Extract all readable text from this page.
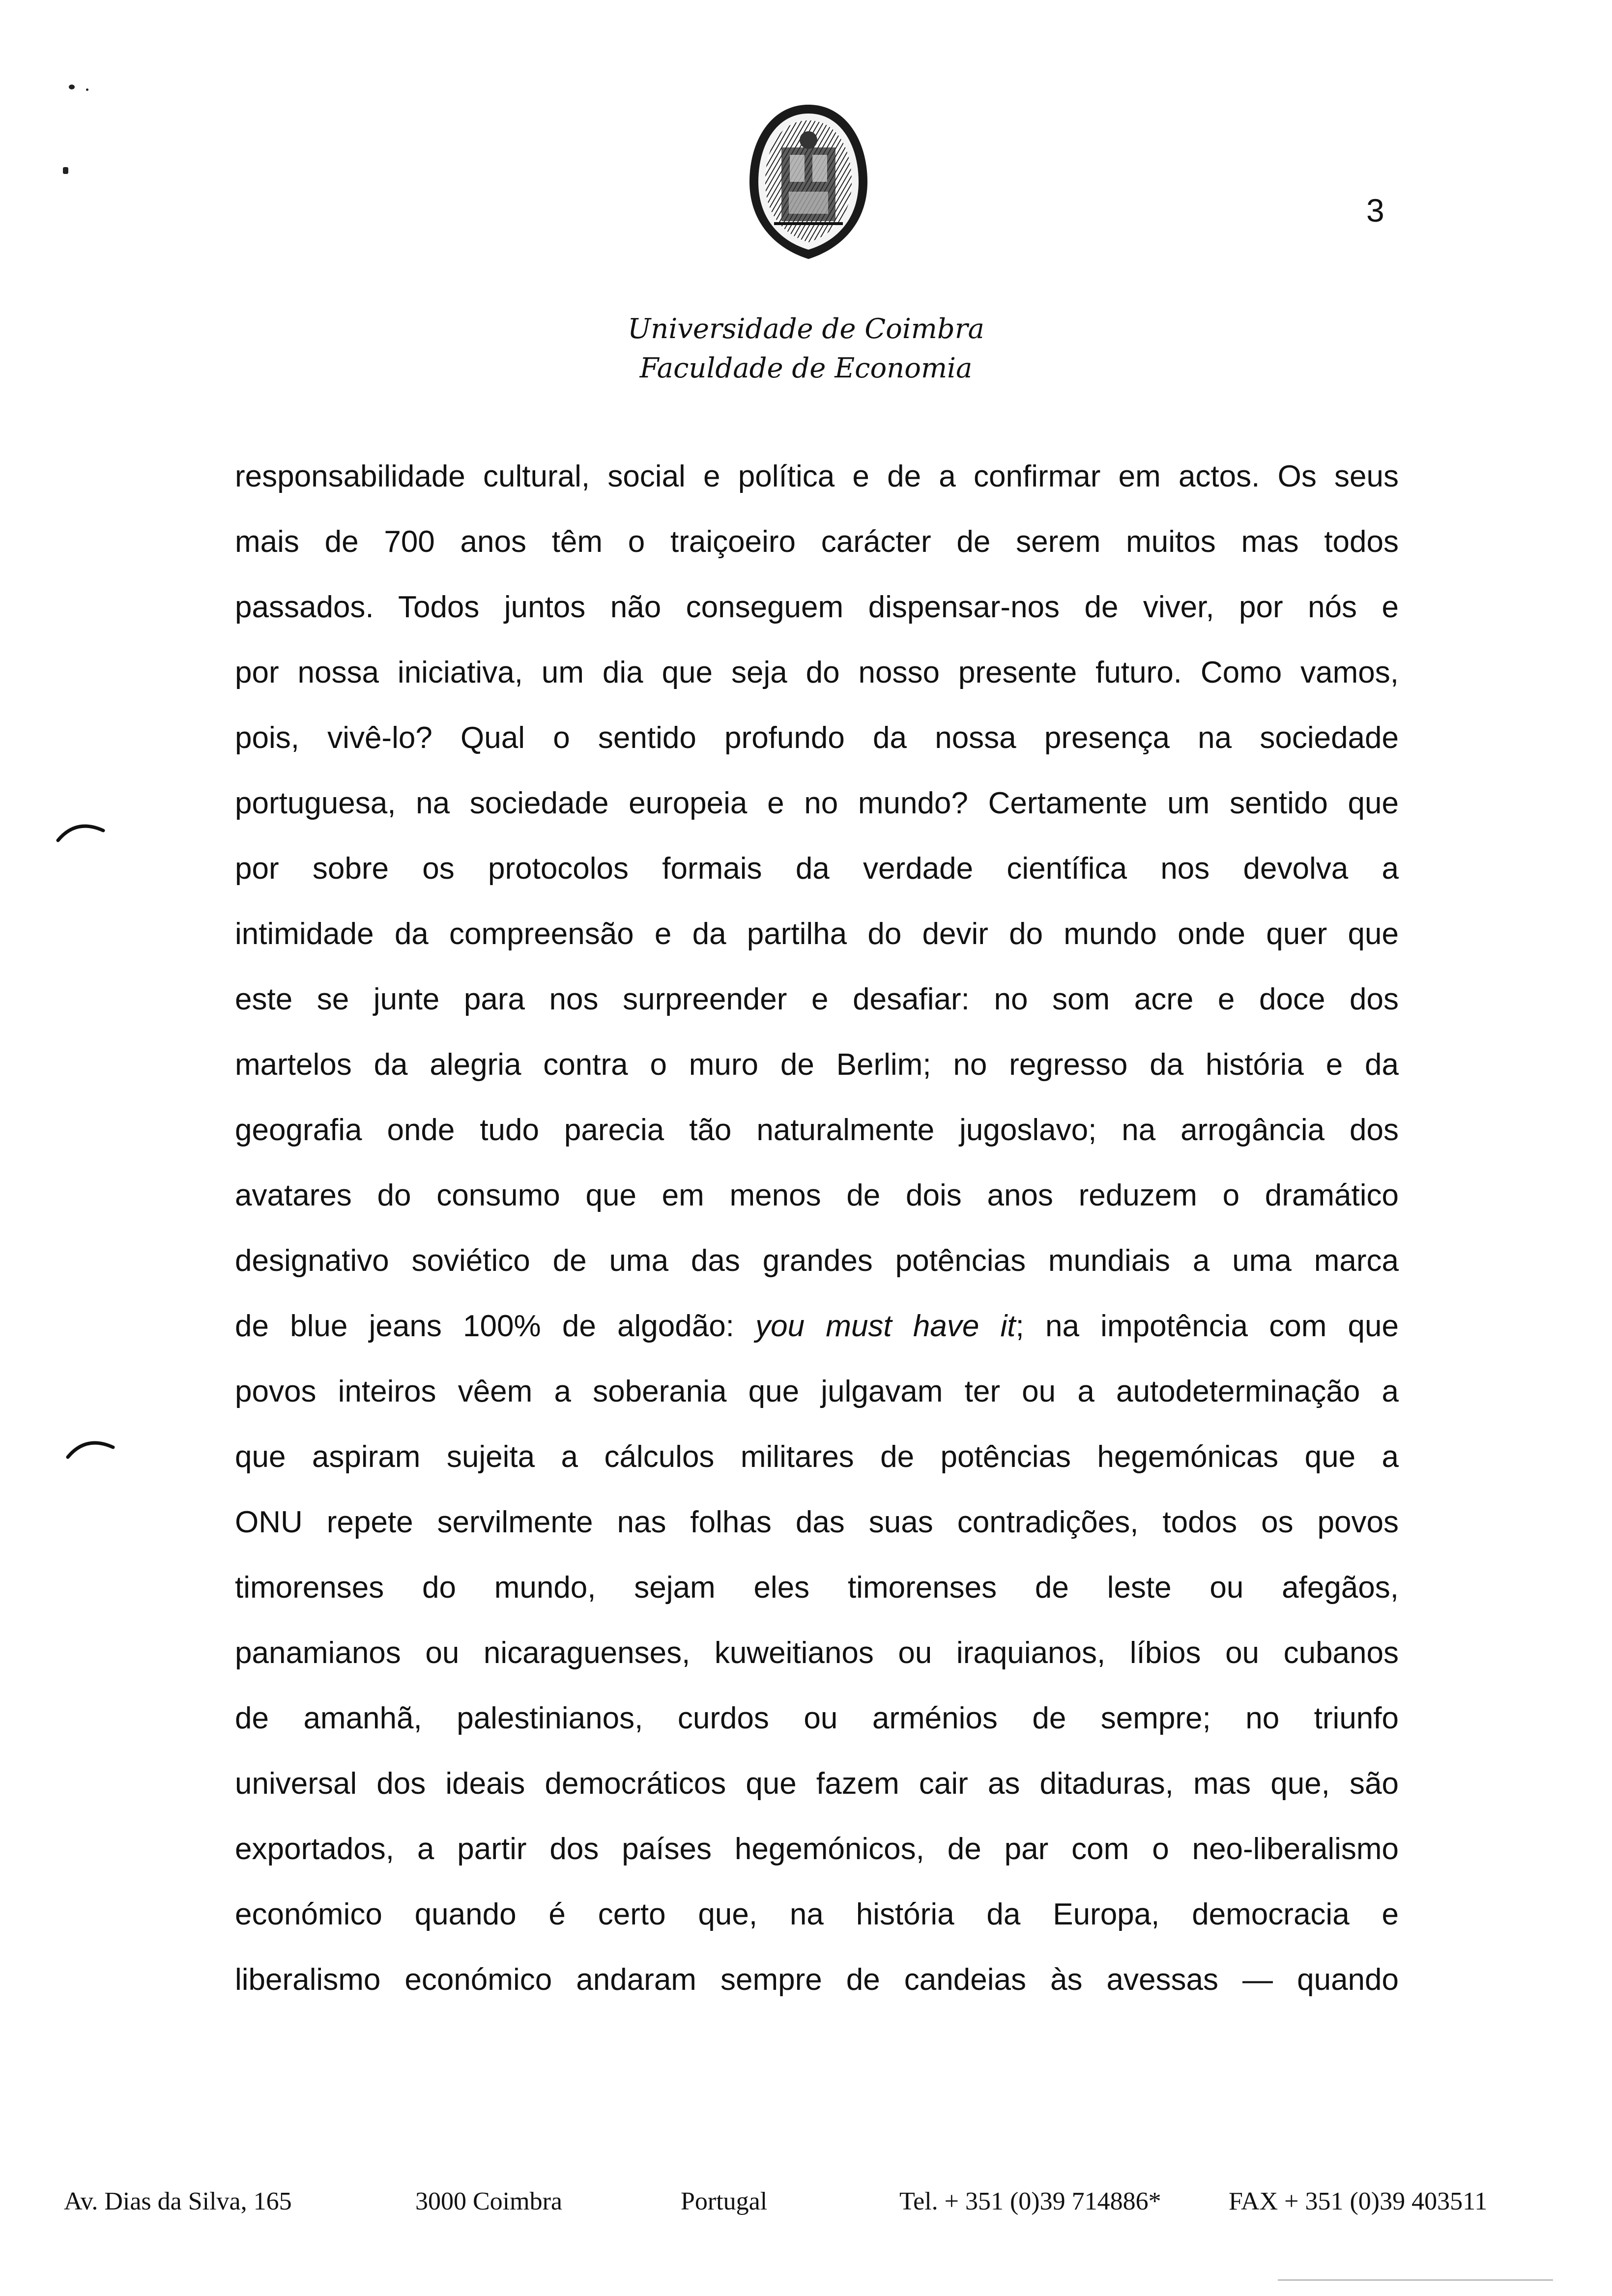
3
Universidade de Coimbra
Faculdade de Economia
responsabilidade cultural, social e política e de a confirmar em actos. Os seus
mais de 700 anos têm o traiçoeiro carácter de serem muitos mas todos
passados. Todos juntos não conseguem dispensar-nos de viver, por nós e
por nossa iniciativa, um dia que seja do nosso presente futuro. Como vamos,
pois, vivê-lo? Qual o sentido profundo da nossa presença na sociedade
portuguesa, na sociedade europeia e no mundo? Certamente um sentido que
por sobre os protocolos formais da verdade científica nos devolva a
intimidade da compreensão e da partilha do devir do mundo onde quer que
este se junte para nos surpreender e desafiar: no som acre e doce dos
martelos da alegria contra o muro de Berlim; no regresso da história e da
geografia onde tudo parecia tão naturalmente jugoslavo; na arrogância dos
avatares do consumo que em menos de dois anos reduzem o dramático
designativo soviético de uma das grandes potências mundiais a uma marca
de blue jeans 100% de algodão: you must have it; na impotência com que
povos inteiros vêem a soberania que julgavam ter ou a autodeterminação a
que aspiram sujeita a cálculos militares de potências hegemónicas que a
ONU repete servilmente nas folhas das suas contradições, todos os povos
timorenses do mundo, sejam eles timorenses de leste ou afegãos,
panamianos ou nicaraguenses, kuweitianos ou iraquianos, líbios ou cubanos
de amanhã, palestinianos, curdos ou arménios de sempre; no triunfo
universal dos ideais democráticos que fazem cair as ditaduras, mas que, são
exportados, a partir dos países hegemónicos, de par com o neo-liberalismo
económico quando é certo que, na história da Europa, democracia e
liberalismo económico andaram sempre de candeias às avessas — quando
Av. Dias da Silva, 165	3000 Coimbra	Portugal	Tel. + 351 (0)39 714886*	FAX + 351 (0)39 403511
